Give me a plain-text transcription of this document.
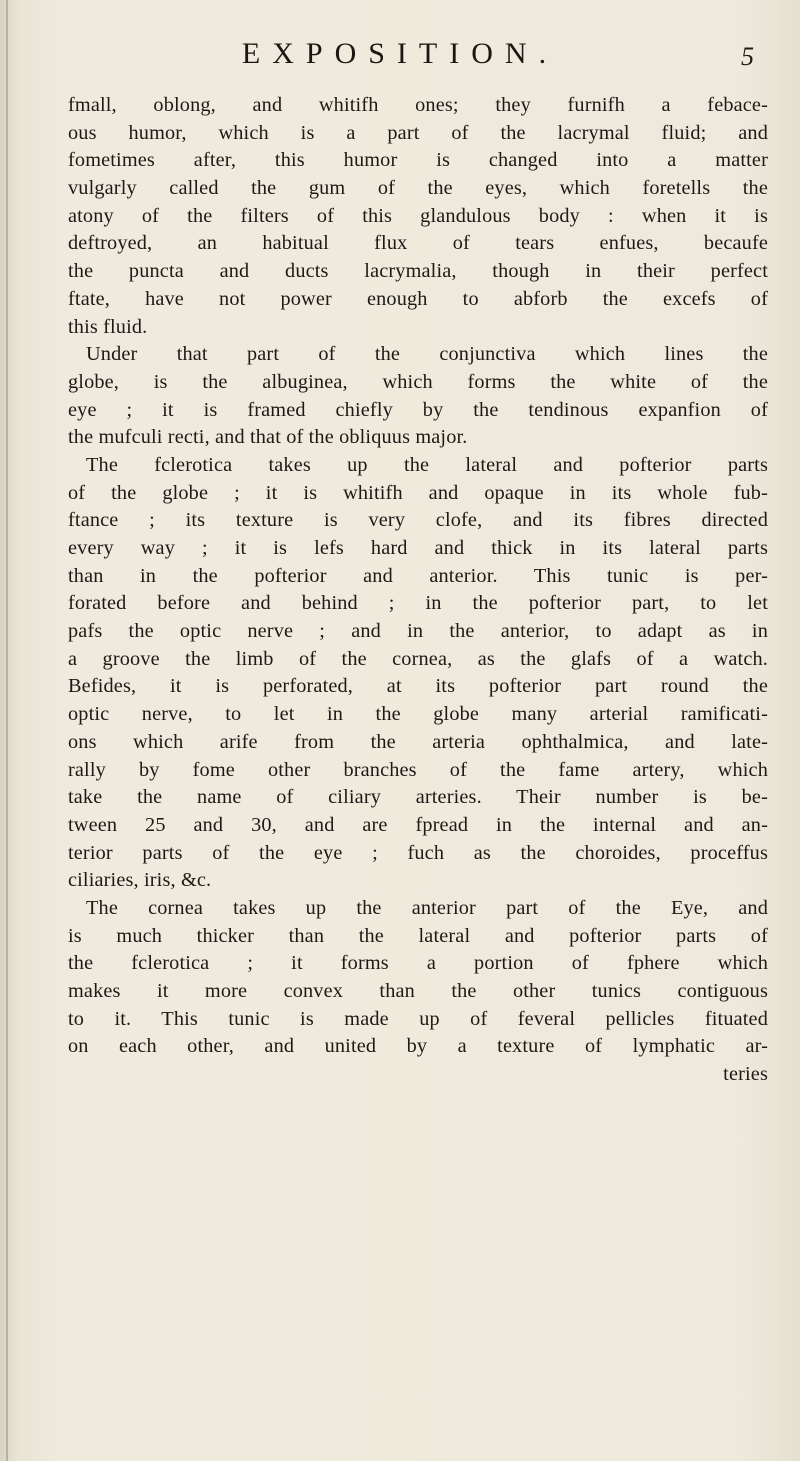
EXPOSITION.	5
fmall, oblong, and whitifh ones; they furnifh a febace-
ous humor, which is a part of the lacrymal fluid; and
fometimes after, this humor is changed into a matter
vulgarly called the gum of the eyes, which foretells the
atony of the filters of this glandulous body : when it is
deftroyed, an habitual flux of tears enfues, becaufe
the puncta and ducts lacrymalia, though in their perfect
ftate, have not power enough to abforb the excefs of
this fluid.
Under that part of the conjunctiva which lines the
globe, is the albuginea, which forms the white of the
eye ; it is framed chiefly by the tendinous expanfion of
the mufculi recti, and that of the obliquus major.
The fclerotica takes up the lateral and pofterior parts
of the globe ; it is whitifh and opaque in its whole fub-
ftance ; its texture is very clofe, and its fibres directed
every way ; it is lefs hard and thick in its lateral parts
than in the pofterior and anterior. This tunic is per-
forated before and behind ; in the pofterior part, to let
pafs the optic nerve ; and in the anterior, to adapt as in
a groove the limb of the cornea, as the glafs of a watch.
Befides, it is perforated, at its pofterior part round the
optic nerve, to let in the globe many arterial ramificati-
ons which arife from the arteria ophthalmica, and late-
rally by fome other branches of the fame artery, which
take the name of ciliary arteries. Their number is be-
tween 25 and 30, and are fpread in the internal and an-
terior parts of the eye ; fuch as the choroides, proceffus
ciliaries, iris, &c.
The cornea takes up the anterior part of the Eye, and
is much thicker than the lateral and pofterior parts of
the fclerotica ; it forms a portion of fphere which
makes it more convex than the other tunics contiguous
to it. This tunic is made up of feveral pellicles fituated
on each other, and united by a texture of lymphatic ar-
teries
